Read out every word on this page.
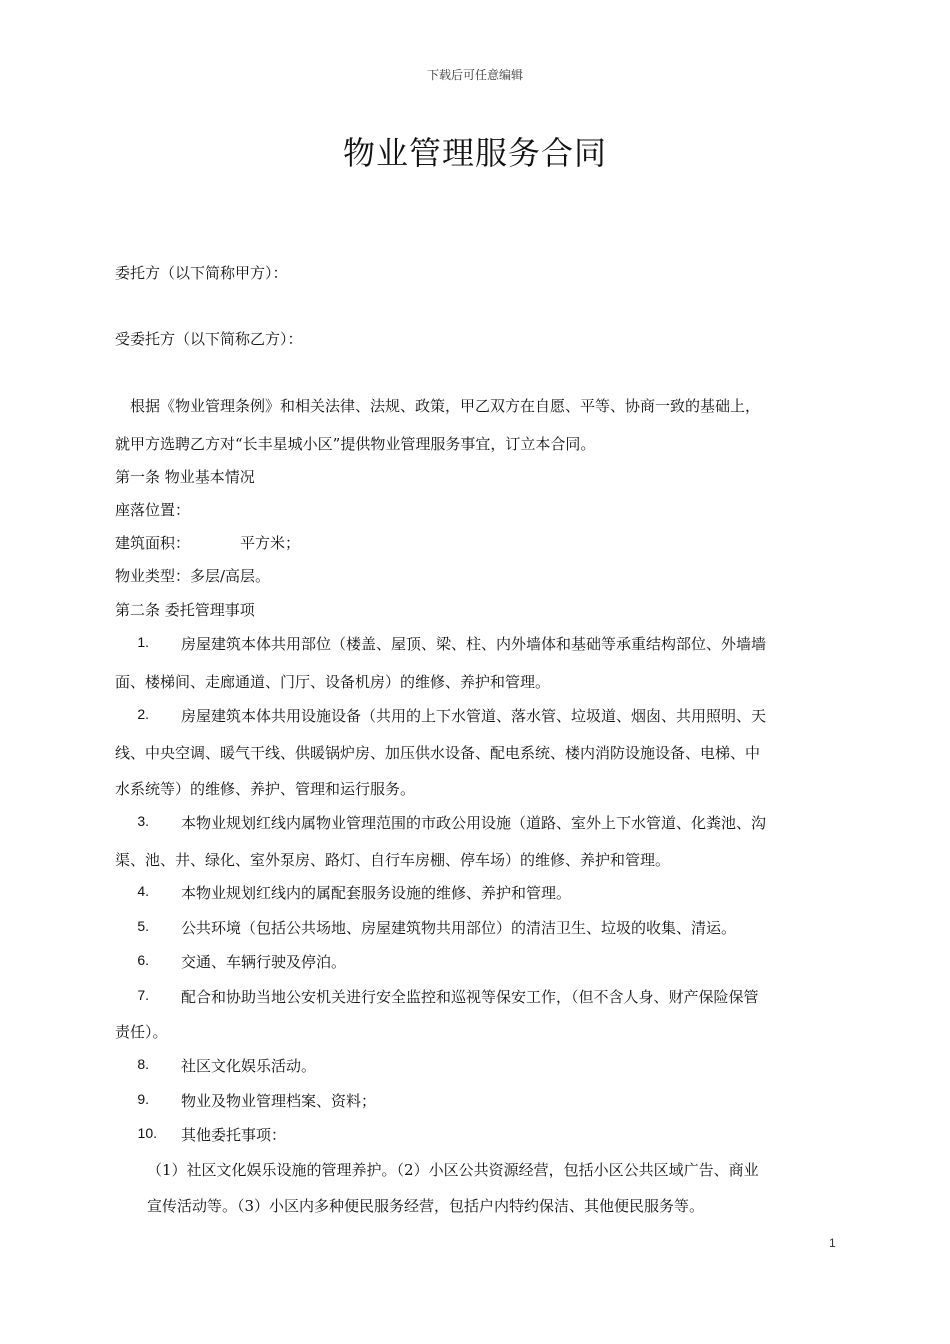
下载后可任意编辑
物业管理服务合同
委托方（以下简称甲方）：
受委托方（以下简称乙方）：
根据《物业管理条例》和相关法律、法规、政策，甲乙双方在自愿、平等、协商一致的基础上，
就甲方选聘乙方对“长丰星城小区”提供物业管理服务事宜，订立本合同。
第一条 物业基本情况
座落位置：
建筑面积：	平方米；
物业类型：多层/高层。
第二条 委托管理事项
1. 房屋建筑本体共用部位（楼盖、屋顶、梁、柱、内外墙体和基础等承重结构部位、外墙墙
面、楼梯间、走廊通道、门厅、设备机房）的维修、养护和管理。
2. 房屋建筑本体共用设施设备（共用的上下水管道、落水管、垃圾道、烟囱、共用照明、天
线、中央空调、暖气干线、供暖锅炉房、加压供水设备、配电系统、楼内消防设施设备、电梯、中
水系统等）的维修、养护、管理和运行服务。
3. 本物业规划红线内属物业管理范围的市政公用设施（道路、室外上下水管道、化粪池、沟
渠、池、井、绿化、室外泵房、路灯、自行车房棚、停车场）的维修、养护和管理。
4. 本物业规划红线内的属配套服务设施的维修、养护和管理。
5. 公共环境（包括公共场地、房屋建筑物共用部位）的清洁卫生、垃圾的收集、清运。
6. 交通、车辆行驶及停泊。
7. 配合和协助当地公安机关进行安全监控和巡视等保安工作，（但不含人身、财产保险保管
责任）。
8. 社区文化娱乐活动。
9. 物业及物业管理档案、资料；
10. 其他委托事项：
（1）社区文化娱乐设施的管理养护。（2）小区公共资源经营，包括小区公共区域广告、商业
宣传活动等。（3）小区内多种便民服务经营，包括户内特约保洁、其他便民服务等。
1
